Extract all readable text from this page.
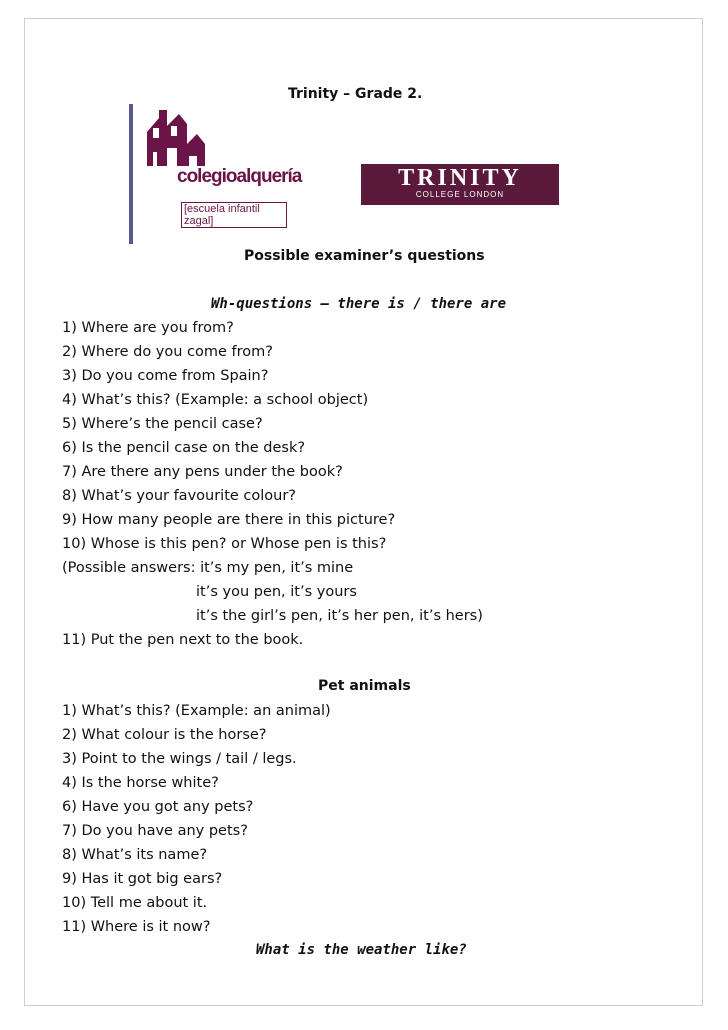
Trinity – Grade 2.
colegioalquería
[escuela infantil zagal]
TRINITY
COLLEGE LONDON
Possible examiner’s questions
Wh-questions – there is / there are
1) Where are you from?
2) Where do you come from?
3) Do you come from Spain?
4) What’s this? (Example: a school object)
5) Where’s the pencil case?
6) Is the pencil case on the desk?
7) Are there any pens under the book?
8) What’s your favourite colour?
9) How many people are there in this picture?
10) Whose is this pen? or Whose pen is this?
(Possible answers: it’s my pen, it’s mine
it’s you pen, it’s yours
it’s the girl’s pen, it’s her pen, it’s hers)
11) Put the pen next to the book.
Pet animals
1) What’s this? (Example: an animal)
2) What colour is the horse?
3) Point to the wings / tail / legs.
4) Is the horse white?
6) Have you got any pets?
7) Do you have any pets?
8) What’s its name?
9) Has it got big ears?
10) Tell me about it.
11) Where is it now?
What is the weather like?
